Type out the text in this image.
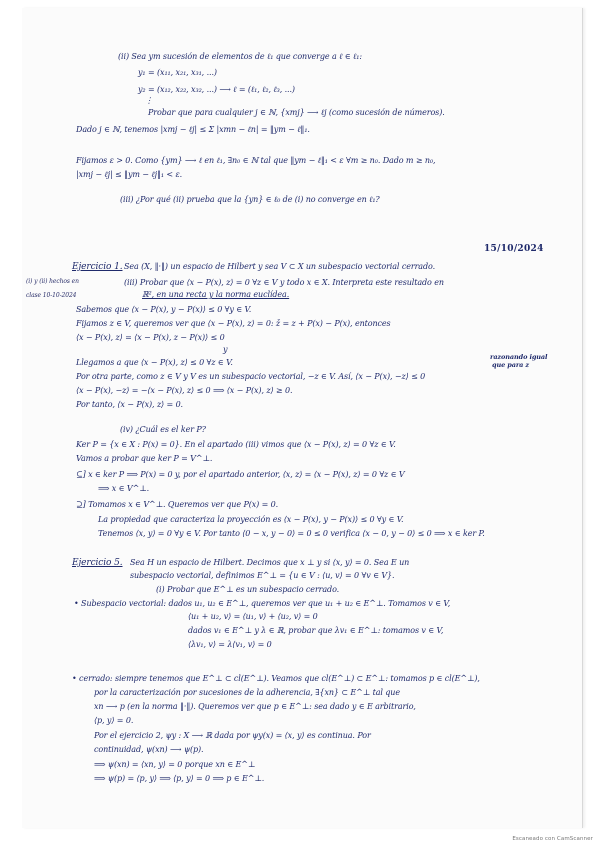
(ii) Sea ym sucesión de elementos de ℓ₁ que converge a ℓ ∈ ℓ₁:
y₁ = (x₁₁, x₂₁, x₃₁, ...)
y₂ = (x₁₂, x₂₂, x₃₂, ...) ⟶ ℓ = (ℓ₁, ℓ₂, ℓ₃, ...)
⋮
Probar que para cualquier j ∈ ℕ, {xmj} ⟶ ℓj (como sucesión de números).
Dado j ∈ ℕ, tenemos |xmj − ℓj| ≤ Σ |xmn − ℓn| = ‖ym − ℓ‖₁.
Fijamos ε > 0. Como {ym} ⟶ ℓ en ℓ₁, ∃n₀ ∈ ℕ tal que ‖ym − ℓ‖₁ < ε ∀m ≥ n₀. Dado m ≥ n₀,
|xmj − ℓj| ≤ ‖ym − ℓj‖₁ < ε.
(iii) ¿Por qué (ii) prueba que la {yn} ∈ ℓ₀ de (i) no converge en ℓ₁?
15/10/2024
Ejercicio 1. Sea (X, ‖·‖) un espacio de Hilbert y sea V ⊂ X un subespacio vectorial cerrado.
(i) y (ii) hechos en
clase 10-10-2024
(iii) Probar que ⟨x − P(x), z⟩ = 0 ∀z ∈ V y todo x ∈ X. Interpreta este resultado en
ℝ², en una recta y la norma euclídea.
Sabemos que ⟨x − P(x), y − P(x)⟩ ≤ 0 ∀y ∈ V.
Fijamos z ∈ V, queremos ver que ⟨x − P(x), z⟩ = 0: ž = z + P(x) − P(x), entonces
⟨x − P(x), z⟩ = ⟨x − P(x), z − P(x)⟩ ≤ 0
y
razonando igual
que para z
Llegamos a que ⟨x − P(x), z⟩ ≤ 0 ∀z ∈ V.
Por otra parte, como z ∈ V y V es un subespacio vectorial, −z ∈ V. Así, ⟨x − P(x), −z⟩ ≤ 0
⟨x − P(x), −z⟩ = −⟨x − P(x), z⟩ ≤ 0 ⟹ ⟨x − P(x), z⟩ ≥ 0.
Por tanto, ⟨x − P(x), z⟩ = 0.
(iv) ¿Cuál es el ker P?
Ker P = {x ∈ X : P(x) = 0}. En el apartado (iii) vimos que ⟨x − P(x), z⟩ = 0 ∀z ∈ V.
Vamos a probar que ker P = V^⊥.
⊆] x ∈ ker P ⟹ P(x) = 0 y, por el apartado anterior, ⟨x, z⟩ = ⟨x − P(x), z⟩ = 0 ∀z ∈ V
⟹ x ∈ V^⊥.
⊇] Tomamos x ∈ V^⊥. Queremos ver que P(x) = 0.
La propiedad que caracteriza la proyección es ⟨x − P(x), y − P(x)⟩ ≤ 0 ∀y ∈ V.
Tenemos ⟨x, y⟩ = 0 ∀y ∈ V. Por tanto ⟨0 − x, y − 0⟩ = 0 ≤ 0 verifica ⟨x − 0, y − 0⟩ ≤ 0 ⟹ x ∈ ker P.
Ejercicio 5. Sea H un espacio de Hilbert. Decimos que x ⊥ y si ⟨x, y⟩ = 0. Sea E un
subespacio vectorial, definimos E^⊥ = {u ∈ V : ⟨u, v⟩ = 0 ∀v ∈ V}.
(i) Probar que E^⊥ es un subespacio cerrado.
• Subespacio vectorial: dados u₁, u₂ ∈ E^⊥, queremos ver que u₁ + u₂ ∈ E^⊥. Tomamos v ∈ V,
⟨u₁ + u₂, v⟩ = ⟨u₁, v⟩ + ⟨u₂, v⟩ = 0
dados v₁ ∈ E^⊥ y λ ∈ ℝ, probar que λv₁ ∈ E^⊥: tomamos v ∈ V,
⟨λv₁, v⟩ = λ⟨v₁, v⟩ = 0
• cerrado: siempre tenemos que E^⊥ ⊂ cl(E^⊥). Veamos que cl(E^⊥) ⊂ E^⊥: tomamos p ∈ cl(E^⊥),
por la caracterización por sucesiones de la adherencia, ∃{xn} ⊂ E^⊥ tal que
xn ⟶ p (en la norma ‖·‖). Queremos ver que p ∈ E^⊥: sea dado y ∈ E arbitrario,
⟨p, y⟩ = 0.
Por el ejercicio 2, ψy : X ⟶ ℝ dada por ψy(x) = ⟨x, y⟩ es continua. Por
continuidad, ψ(xn) ⟶ ψ(p).
⟹ ψ(xn) = ⟨xn, y⟩ = 0 porque xn ∈ E^⊥
⟹ ψ(p) = ⟨p, y⟩ ⟹ ⟨p, y⟩ = 0 ⟹ p ∈ E^⊥.
Escaneado con CamScanner
